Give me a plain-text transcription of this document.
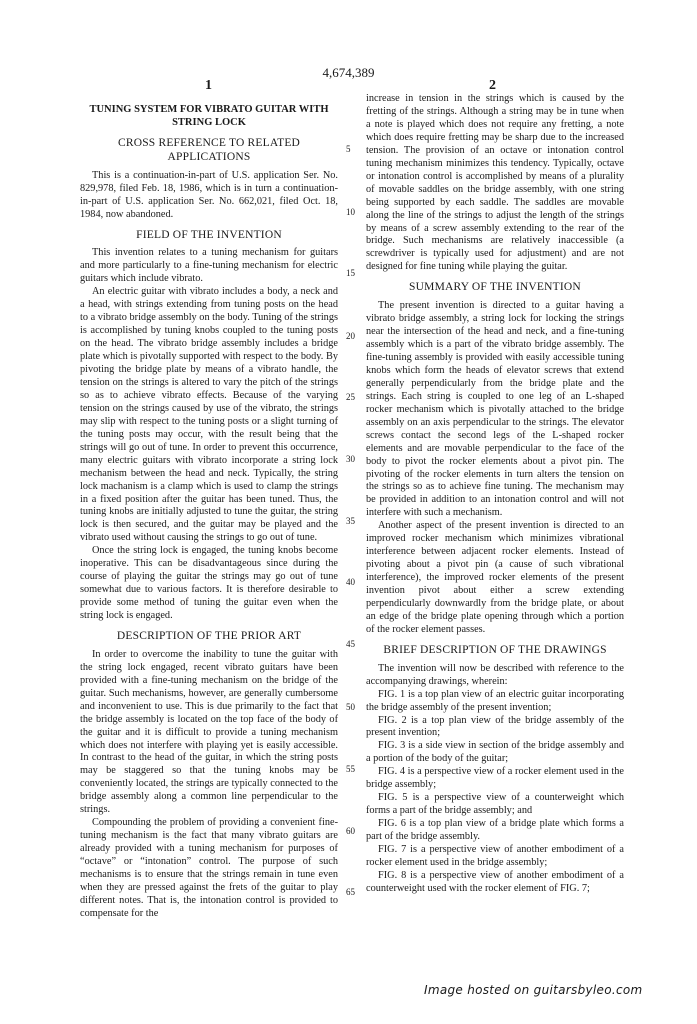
4,674,389
1	2
TUNING SYSTEM FOR VIBRATO GUITAR WITH STRING LOCK
CROSS REFERENCE TO RELATED APPLICATIONS

This is a continuation-in-part of U.S. application Ser. No. 829,978, filed Feb. 18, 1986, which is in turn a continuation-in-part of U.S. application Ser. No. 662,021, filed Oct. 18, 1984, now abandoned.

FIELD OF THE INVENTION

This invention relates to a tuning mechanism for guitars and more particularly to a fine-tuning mechanism for electric guitars which include vibrato.

An electric guitar with vibrato includes a body, a neck and a head, with strings extending from tuning posts on the head to a vibrato bridge assembly on the body. Tuning of the strings is accomplished by tuning knobs coupled to the tuning posts on the head. The vibrato bridge assembly includes a bridge plate which is pivotally supported with respect to the body. By pivoting the bridge plate by means of a vibrato handle, the tension on the strings is altered to vary the pitch of the strings so as to achieve vibrato effects. Because of the varying tension on the strings caused by use of the vibrato, the strings may slip with respect to the tuning posts or a slight turning of the tuning posts may occur, with the result being that the strings will go out of tune. In order to prevent this occurrence, many electric guitars with vibrato incorporate a string lock mechanism between the head and neck. Typically, the string lock machanism is a clamp which is used to clamp the strings in a fixed position after the guitar has been tuned. Thus, the tuning knobs are initially adjusted to tune the guitar, the string lock is then secured, and the guitar may be played and the vibrato used without causing the strings to go out of tune.

Once the string lock is engaged, the tuning knobs become inoperative. This can be disadvantageous since during the course of playing the guitar the strings may go out of tune somewhat due to various factors. It is therefore desirable to provide some method of tuning the guitar even when the string lock is engaged.

DESCRIPTION OF THE PRIOR ART

In order to overcome the inability to tune the guitar with the string lock engaged, recent vibrato guitars have been provided with a fine-tuning mechanism on the bridge of the guitar. Such mechanisms, however, are generally cumbersome and inconvenient to use. This is due primarily to the fact that the bridge assembly is located on the top face of the body of the guitar and it is difficult to provide a tuning mechanism which does not interfere with playing yet is easily accessible. In contrast to the head of the guitar, in which the string posts may be staggered so that the tuning knobs may be conveniently located, the strings are typically connected to the bridge assembly along a common line perpendicular to the strings.

Compounding the problem of providing a convenient fine-tuning mechanism is the fact that many vibrato guitars are already provided with a tuning mechanism for purposes of “octave” or “intonation” control. The purpose of such mechanisms is to ensure that the strings remain in tune even when they are pressed against the frets of the guitar to play different notes. That is, the intonation control is provided to compensate for the

increase in tension in the strings which is caused by the fretting of the strings. Although a string may be in tune when a note is played which does not require any fretting, a note which does require fretting may be sharp due to the increased tension. The provision of an octave or intonation control tuning mechanism minimizes this tendency. Typically, octave or intonation control is accomplished by means of a plurality of movable saddles on the bridge assembly, with one string being supported by each saddle. The saddles are movable along the line of the strings to adjust the length of the strings by means of a screw assembly extending to the rear of the bridge. Such mechanisms are relatively inaccessible (a screwdriver is typically used for adjustment) and are not designed for fine tuning while playing the guitar.

SUMMARY OF THE INVENTION

The present invention is directed to a guitar having a vibrato bridge assembly, a string lock for locking the strings near the intersection of the head and neck, and a fine-tuning assembly which is a part of the vibrato bridge assembly. The fine-tuning assembly is provided with easily accessible tuning knobs which form the heads of elevator screws that extend generally perpendicularly from the bridge plate and the strings. Each string is coupled to one leg of an L-shaped rocker mechanism which is pivotally attached to the bridge assembly on an axis perpendicular to the strings. The elevator screws contact the second legs of the L-shaped rocker elements and are movable perpendicular to the face of the body to pivot the rocker elements about a pivot pin. The pivoting of the rocker elements in turn alters the tension on the strings so as to achieve fine tuning. The mechanism may be provided in addition to an intonation control and will not interfere with such a mechanism.

Another aspect of the present invention is directed to an improved rocker mechanism which minimizes vibrational interference between adjacent rocker elements. Instead of pivoting about a pivot pin (a cause of such vibrational interference), the improved rocker elements of the present invention pivot about either a screw extending perpendicularly downwardly from the bridge plate, or about an edge of the bridge plate opening through which a portion of the rocker element passes.

BRIEF DESCRIPTION OF THE DRAWINGS

The invention will now be described with reference to the accompanying drawings, wherein:

FIG. 1 is a top plan view of an electric guitar incorporating the bridge assembly of the present invention;

FIG. 2 is a top plan view of the bridge assembly of the present invention;

FIG. 3 is a side view in section of the bridge assembly and a portion of the body of the guitar;

FIG. 4 is a perspective view of a rocker element used in the bridge assembly;

FIG. 5 is a perspective view of a counterweight which forms a part of the bridge assembly; and

FIG. 6 is a top plan view of a bridge plate which forms a part of the bridge assembly.

FIG. 7 is a perspective view of another embodiment of a rocker element used in the bridge assembly;

FIG. 8 is a perspective view of another embodiment of a counterweight used with the rocker element of FIG. 7;

5
10
15
20
25
30
35
40
45
50
55
60
65
Image hosted on guitarsbyleo.com
